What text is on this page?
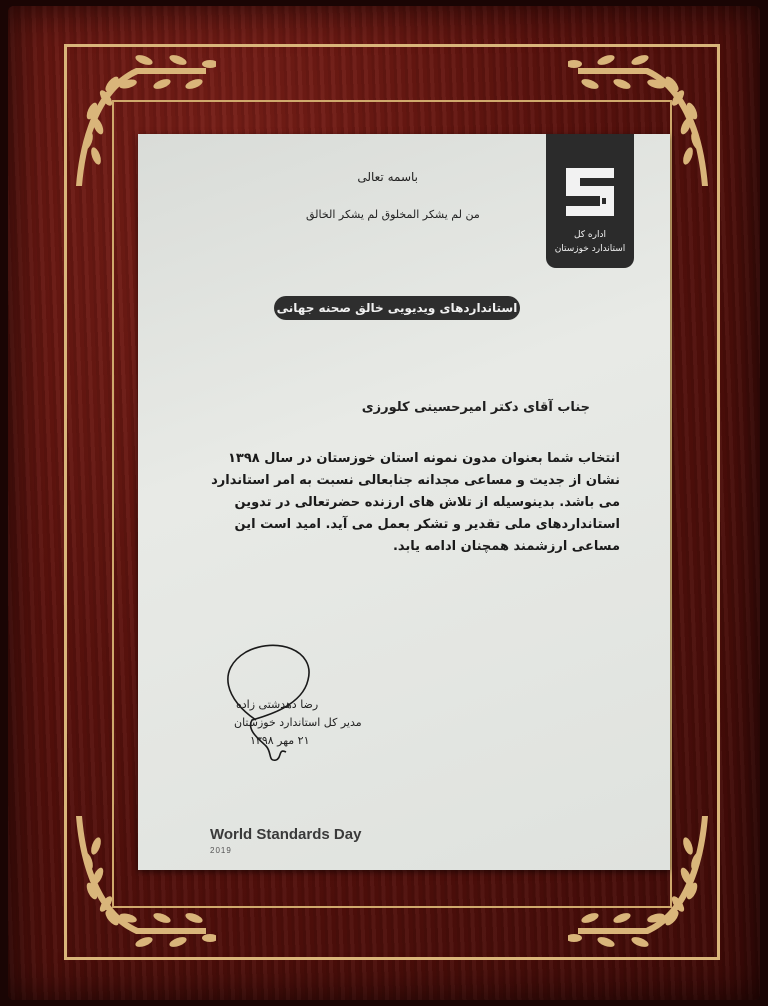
اداره کل
استاندارد خوزستان
باسمه تعالی
من لم یشکر المخلوق لم یشکر الخالق
استانداردهای ویدیویی خالق صحنه جهانی
جناب آقای دکتر امیرحسینی کلورزی
انتخاب شما بعنوان مدون نمونه استان خوزستان در سال ۱۳۹۸
نشان از جدیت و مساعی مجدانه جنابعالی نسبت به امر استاندارد
می باشد. بدینوسیله از تلاش های ارزنده حضرتعالی در تدوین
استانداردهای ملی تقدیر و تشکر بعمل می آید. امید است این
مساعی ارزشمند همچنان ادامه یابد.
رضا دهدشتی زاده
مدیر کل استاندارد خوزستان
۲۱ مهر ۱۳۹۸
World Standards Day
2019
